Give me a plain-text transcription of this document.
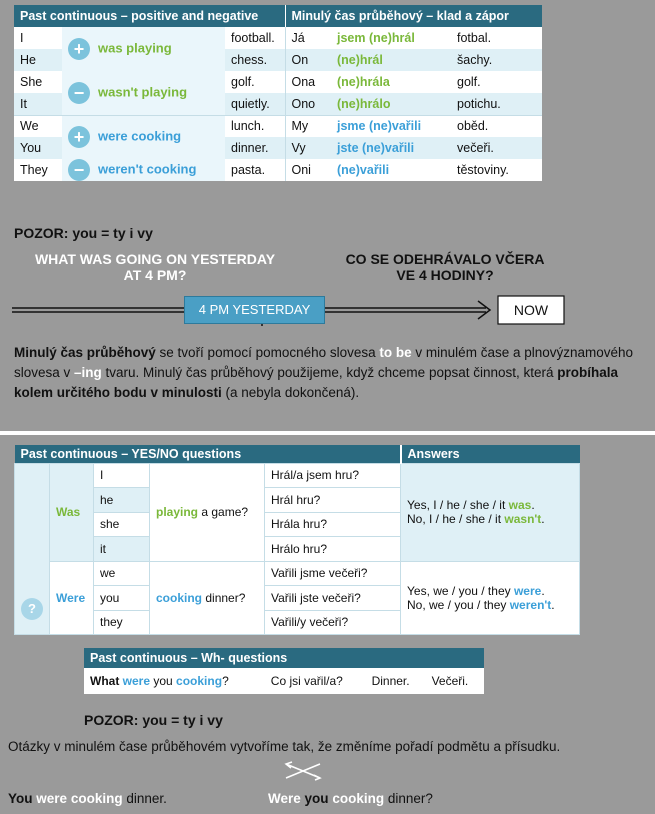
Past continuous – positive and negative			Minulý čas průběhový – klad a zápor		
I	+ was playing	football.	Já	jsem (ne)hrál	fotbal.
He		chess.	On	(ne)hrál	šachy.
She	− wasn't playing	golf.	Ona	(ne)hrála	golf.
It		quietly.	Ono	(ne)hrálo	potichu.
We	+ were cooking	lunch.	My	jsme (ne)vařili	oběd.
You		dinner.	Vy	jste (ne)vařili	večeři.
They	− weren't cooking	pasta.	Oni	(ne)vařili	těstoviny.
POZOR: you = ty i vy
WHAT WAS GOING ON YESTERDAY
AT 4 PM?
CO SE ODEHRÁVALO VČERA
VE 4 HODINY?
4 PM YESTERDAY	NOW
Minulý čas průběhový se tvoří pomocí pomocného slovesa to be v minulém čase a plnovýznamového slovesa v –ing tvaru. Minulý čas průběhový použijeme, když chceme popsat činnost, která probíhala kolem určitého bodu v minulosti (a nebyla dokončená).
Past continuous – YES/NO questions					Answers
?	Was	I	playing a game?	Hrál/a jsem hru?	Yes, I / he / she / it was.
No, I / he / she / it wasn't.

		he		Hrál hru?	
		she		Hrála hru?	
		it		Hrálo hru?	
	Were	we	cooking dinner?	Vařili jsme večeři?	Yes, we / you / they were.
No, we / you / they weren't.

		you		Vařili jste večeři?	
		they		Vařili/y večeři?	
Past continuous – Wh- questions
What were you cooking?	Co jsi vařil/a?	Dinner.	Večeři.
POZOR: you = ty i vy
Otázky v minulém čase průběhovém vytvoříme tak, že změníme pořadí podmětu a přísudku.
You were cooking dinner.	Were you cooking dinner?
